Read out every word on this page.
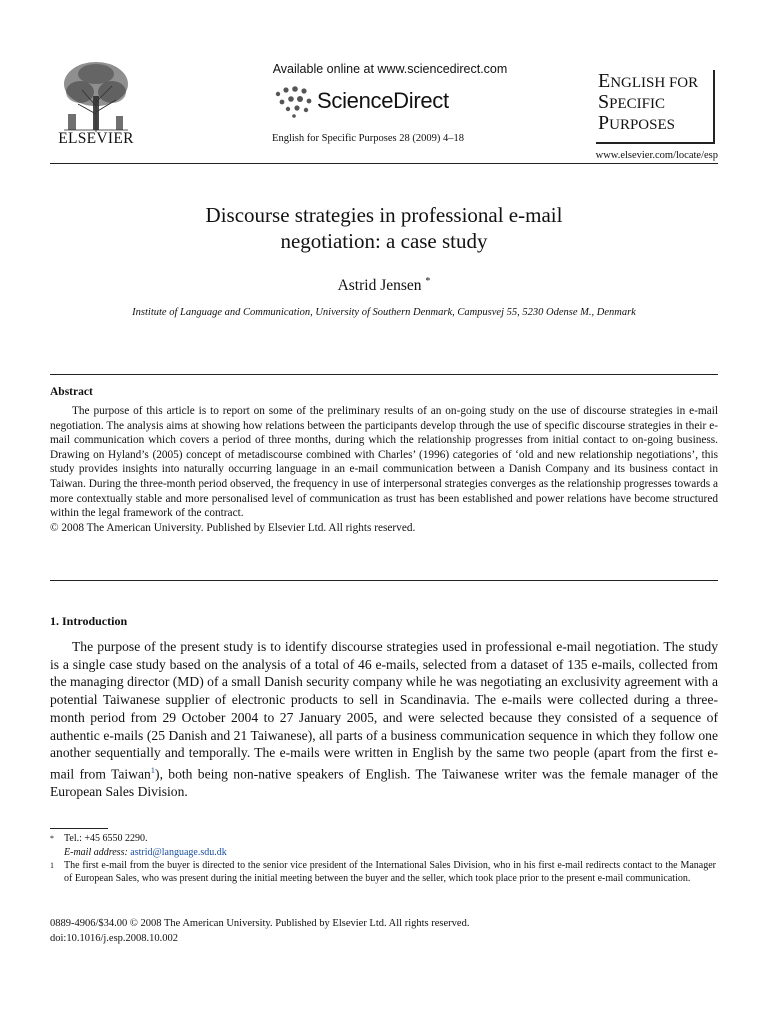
ELSEVIER
Available online at www.sciencedirect.com
ScienceDirect
English for Specific Purposes 28 (2009) 4–18
ENGLISH FOR
SPECIFIC
PURPOSES
www.elsevier.com/locate/esp
Discourse strategies in professional e-mail
negotiation: a case study
Astrid Jensen *
Institute of Language and Communication, University of Southern Denmark, Campusvej 55, 5230 Odense M., Denmark
Abstract

The purpose of this article is to report on some of the preliminary results of an on-going study on the use of discourse strategies in e-mail negotiation. The analysis aims at showing how relations between the participants develop through the use of specific discourse strategies in their e-mail communication which covers a period of three months, during which the relationship progresses from initial contact to on-going business. Drawing on Hyland’s (2005) concept of metadiscourse combined with Charles’ (1996) categories of ‘old and new relationship negotiations’, this study provides insights into naturally occurring language in an e-mail communication between a Danish Company and its business contact in Taiwan. During the three-month period observed, the frequency in use of interpersonal strategies converges as the relationship progresses towards a more contextually stable and more personalised level of communication as trust has been established and power relations have become structured within the legal framework of the contract.

© 2008 The American University. Published by Elsevier Ltd. All rights reserved.

1. Introduction

The purpose of the present study is to identify discourse strategies used in professional e-mail negotiation. The study is a single case study based on the analysis of a total of 46 e-mails, selected from a dataset of 135 e-mails, collected from the managing director (MD) of a small Danish security company while he was negotiating an exclusivity agreement with a potential Taiwanese supplier of electronic products to sell in Scandinavia. The e-mails were collected during a three-month period from 29 October 2004 to 27 January 2005, and were selected because they consisted of a sequence of authentic e-mails (25 Danish and 21 Taiwanese), all parts of a business communication sequence in which they follow one another sequentially and temporally. The e-mails were written in English by the same two people (apart from the first e-mail from Taiwan$^1$), both being non-native speakers of English. The Taiwanese writer was the female manager of the European Sales Division.

* Tel.: +45 6550 2290.
E-mail address: astrid@language.sdu.dk
1 The first e-mail from the buyer is directed to the senior vice president of the International Sales Division, who in his first e-mail redirects contact to the Manager of European Sales, who was present during the initial meeting between the buyer and the seller, which took place prior to the present e-mail communication.
0889-4906/$34.00 © 2008 The American University. Published by Elsevier Ltd. All rights reserved.
doi:10.1016/j.esp.2008.10.002
